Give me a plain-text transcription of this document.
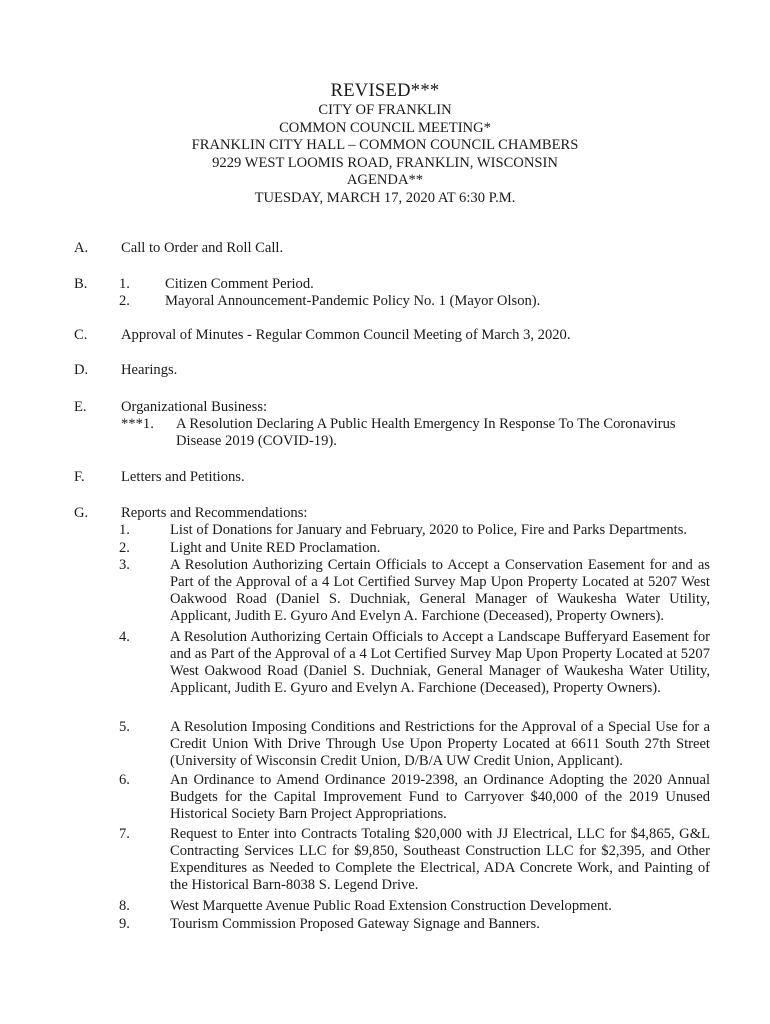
REVISED***
CITY OF FRANKLIN
COMMON COUNCIL MEETING*
FRANKLIN CITY HALL – COMMON COUNCIL CHAMBERS
9229 WEST LOOMIS ROAD, FRANKLIN, WISCONSIN
AGENDA**
TUESDAY, MARCH 17, 2020 AT 6:30 P.M.
A. Call to Order and Roll Call.
B. 1. Citizen Comment Period.
2. Mayoral Announcement-Pandemic Policy No. 1 (Mayor Olson).
C. Approval of Minutes - Regular Common Council Meeting of March 3, 2020.
D. Hearings.
E. Organizational Business:
***1. A Resolution Declaring A Public Health Emergency In Response To The Coronavirus Disease 2019 (COVID-19).
F. Letters and Petitions.
G. Reports and Recommendations:
1.	List of Donations for January and February, 2020 to Police, Fire and Parks Departments.
2.	Light and Unite RED Proclamation.
3.	A Resolution Authorizing Certain Officials to Accept a Conservation Easement for and as Part of the Approval of a 4 Lot Certified Survey Map Upon Property Located at 5207 West Oakwood Road (Daniel S. Duchniak, General Manager of Waukesha Water Utility, Applicant, Judith E. Gyuro And Evelyn A. Farchione (Deceased), Property Owners).
4.	A Resolution Authorizing Certain Officials to Accept a Landscape Bufferyard Easement for and as Part of the Approval of a 4 Lot Certified Survey Map Upon Property Located at 5207 West Oakwood Road (Daniel S. Duchniak, General Manager of Waukesha Water Utility, Applicant, Judith E. Gyuro and Evelyn A. Farchione (Deceased), Property Owners).
5.	A Resolution Imposing Conditions and Restrictions for the Approval of a Special Use for a Credit Union With Drive Through Use Upon Property Located at 6611 South 27th Street (University of Wisconsin Credit Union, D/B/A UW Credit Union, Applicant).
6.	An Ordinance to Amend Ordinance 2019-2398, an Ordinance Adopting the 2020 Annual Budgets for the Capital Improvement Fund to Carryover $40,000 of the 2019 Unused Historical Society Barn Project Appropriations.
7.	Request to Enter into Contracts Totaling $20,000 with JJ Electrical, LLC for $4,865, G&L Contracting Services LLC for $9,850, Southeast Construction LLC for $2,395, and Other Expenditures as Needed to Complete the Electrical, ADA Concrete Work, and Painting of the Historical Barn-8038 S. Legend Drive.
8.	West Marquette Avenue Public Road Extension Construction Development.
9.	Tourism Commission Proposed Gateway Signage and Banners.
